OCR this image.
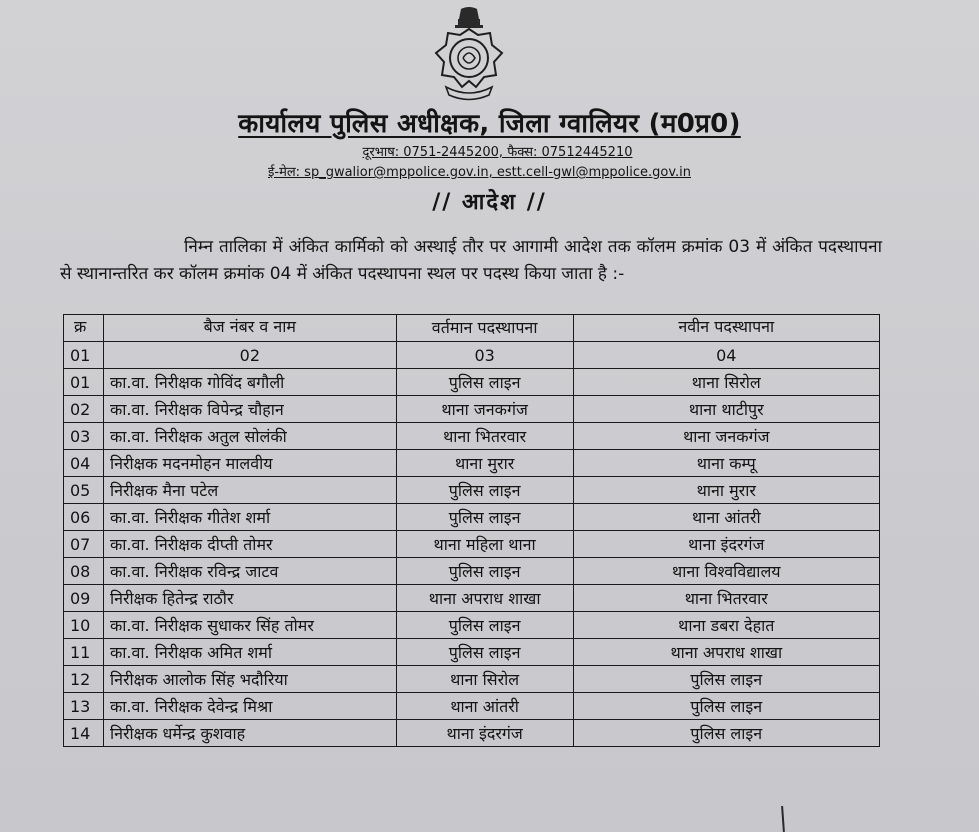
कार्यालय पुलिस अधीक्षक, जिला ग्वालियर (म0प्र0)
दूरभाष: 0751-2445200, फैक्स: 07512445210
ई-मेल: sp_gwalior@mppolice.gov.in, estt.cell-gwl@mppolice.gov.in
// आदेश //
निम्न तालिका में अंकित कार्मिको को अस्थाई तौर पर आगामी आदेश तक कॉलम क्रमांक 03 में अंकित पदस्थापना से स्थानान्तरित कर कॉलम क्रमांक 04 में अंकित पदस्थापना स्थल पर पदस्थ किया जाता है :-
क्र	बैज नंबर व नाम	वर्तमान पदस्थापना	नवीन पदस्थापना
01	02	03	04
01	का.वा. निरीक्षक गोविंद बगौली	पुलिस लाइन	थाना सिरोल
02	का.वा. निरीक्षक विपेन्द्र चौहान	थाना जनकगंज	थाना थाटीपुर
03	का.वा. निरीक्षक अतुल सोलंकी	थाना भितरवार	थाना जनकगंज
04	निरीक्षक मदनमोहन मालवीय	थाना मुरार	थाना कम्पू
05	निरीक्षक मैना पटेल	पुलिस लाइन	थाना मुरार
06	का.वा. निरीक्षक गीतेश शर्मा	पुलिस लाइन	थाना आंतरी
07	का.वा. निरीक्षक दीप्ती तोमर	थाना महिला थाना	थाना इंदरगंज
08	का.वा. निरीक्षक रविन्द्र जाटव	पुलिस लाइन	थाना विश्वविद्यालय
09	निरीक्षक हितेन्द्र राठौर	थाना अपराध शाखा	थाना भितरवार
10	का.वा. निरीक्षक सुधाकर सिंह तोमर	पुलिस लाइन	थाना डबरा देहात
11	का.वा. निरीक्षक अमित शर्मा	पुलिस लाइन	थाना अपराध शाखा
12	निरीक्षक आलोक सिंह भदौरिया	थाना सिरोल	पुलिस लाइन
13	का.वा. निरीक्षक देवेन्द्र मिश्रा	थाना आंतरी	पुलिस लाइन
14	निरीक्षक धर्मेन्द्र कुशवाह	थाना इंदरगंज	पुलिस लाइन
